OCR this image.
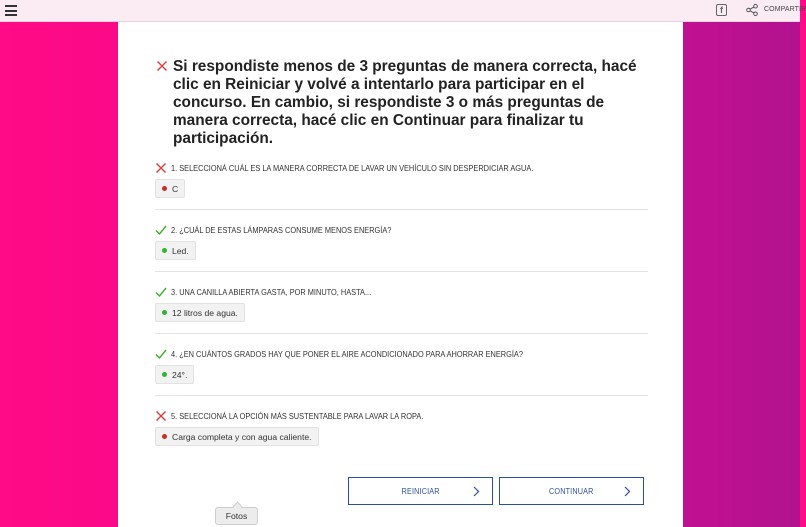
f	COMPARTIR
Si respondiste menos de 3 preguntas de manera correcta, hacé clic en Reiniciar y volvé a intentarlo para participar en el concurso. En cambio, si respondiste 3 o más preguntas de manera correcta, hacé clic en Continuar para finalizar tu participación.
1. SELECCIONÁ CUÁL ES LA MANERA CORRECTA DE LAVAR UN VEHÍCULO SIN DESPERDICIAR AGUA.
C
2. ¿CUÁL DE ESTAS LÁMPARAS CONSUME MENOS ENERGÍA?
Led.
3. UNA CANILLA ABIERTA GASTA, POR MINUTO, HASTA...
12 litros de agua.
4. ¿EN CUÁNTOS GRADOS HAY QUE PONER EL AIRE ACONDICIONADO PARA AHORRAR ENERGÍA?
24°.
5. SELECCIONÁ LA OPCIÓN MÁS SUSTENTABLE PARA LAVAR LA ROPA.
Carga completa y con agua caliente.
REINICIAR	CONTINUAR
Fotos
